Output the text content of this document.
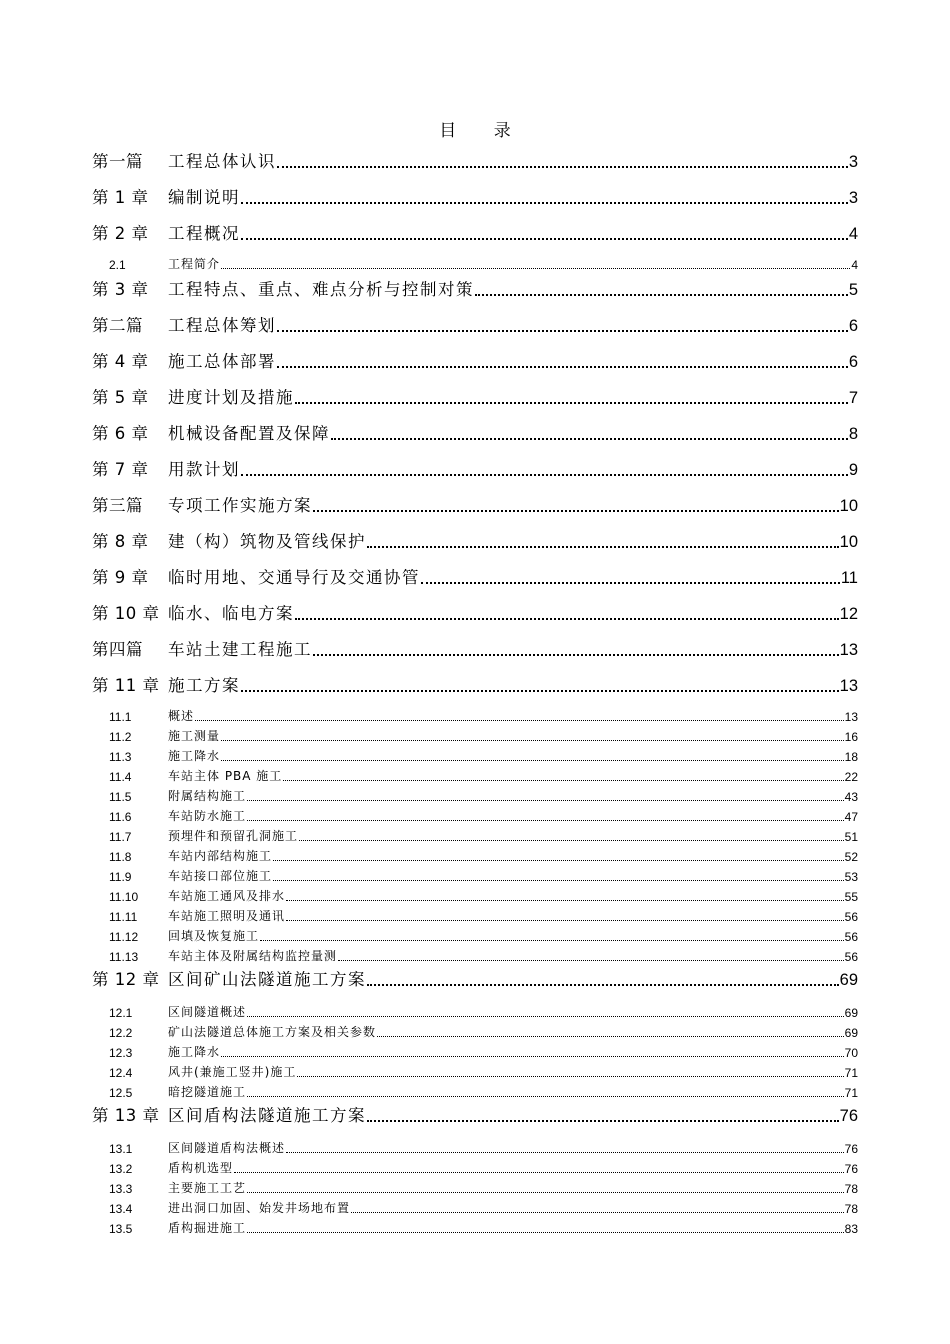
目 录
第一篇	工程总体认识	3
第 1 章	编制说明	3
第 2 章	工程概况	4
2.1	工程简介	4
第 3 章	工程特点、重点、难点分析与控制对策	5
第二篇	工程总体筹划	6
第 4 章	施工总体部署	6
第 5 章	进度计划及措施	7
第 6 章	机械设备配置及保障	8
第 7 章	用款计划	9
第三篇	专项工作实施方案	10
第 8 章	建（构）筑物及管线保护	10
第 9 章	临时用地、交通导行及交通协管	11
第 10 章 临水、临电方案	12
第四篇	车站土建工程施工	13
第 11 章 施工方案	13
11.1	概述	13
11.2	施工测量	16
11.3	施工降水	18
11.4	车站主体 PBA 施工	22
11.5	附属结构施工	43
11.6	车站防水施工	47
11.7	预埋件和预留孔洞施工	51
11.8	车站内部结构施工	52
11.9	车站接口部位施工	53
11.10	车站施工通风及排水	55
11.11	车站施工照明及通讯	56
11.12	回填及恢复施工	56
11.13	车站主体及附属结构监控量测	56
第 12 章 区间矿山法隧道施工方案	69
12.1	区间隧道概述	69
12.2	矿山法隧道总体施工方案及相关参数	69
12.3	施工降水	70
12.4	风井(兼施工竖井)施工	71
12.5	暗挖隧道施工	71
第 13 章 区间盾构法隧道施工方案	76
13.1	区间隧道盾构法概述	76
13.2	盾构机选型	76
13.3	主要施工工艺	78
13.4	进出洞口加固、始发井场地布置	78
13.5	盾构掘进施工	83
